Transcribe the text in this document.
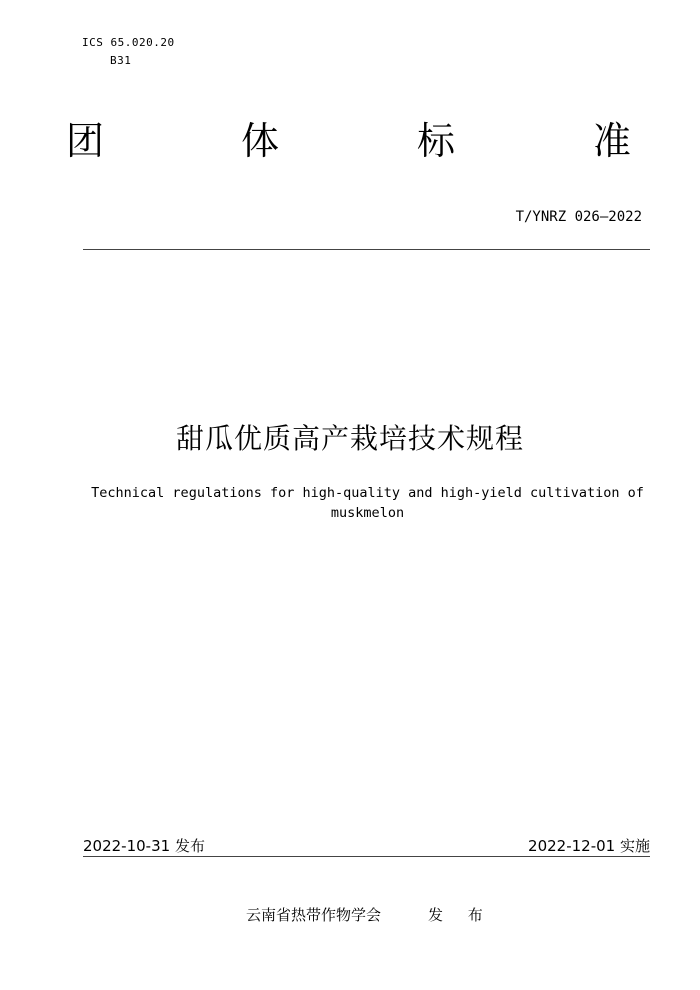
ICS 65.020.20
B31
团	体	标	准
T/YNRZ 026—2022
甜瓜优质高产栽培技术规程
Technical regulations for high-quality and high-yield cultivation of muskmelon
2022-10-31 发布	2022-12-01 实施
云南省热带作物学会	发 布
